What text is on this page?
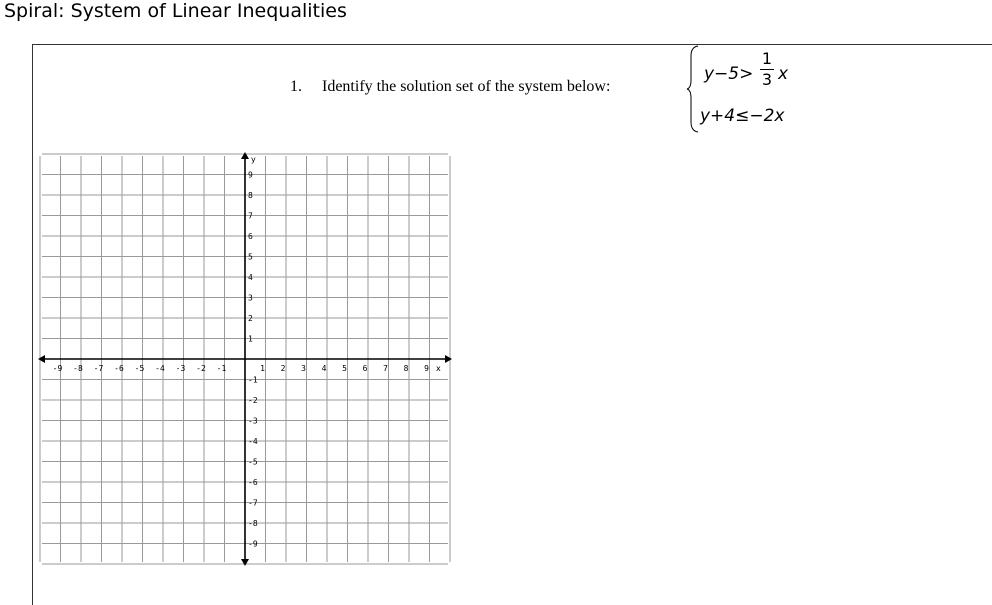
Spiral: System of Linear Inequalities
1. Identify the solution set of the system below:
y−5>
1
3 x
y+4≤−2x
x
y
-9 -8 -7 -6 -5 -4 -3 -2 -1	1 2 3 4 5 6 7 8 9
9
8
7
6
5
4
3
2
1
-1
-2
-3
-4
-5
-6
-7
-8
-9
